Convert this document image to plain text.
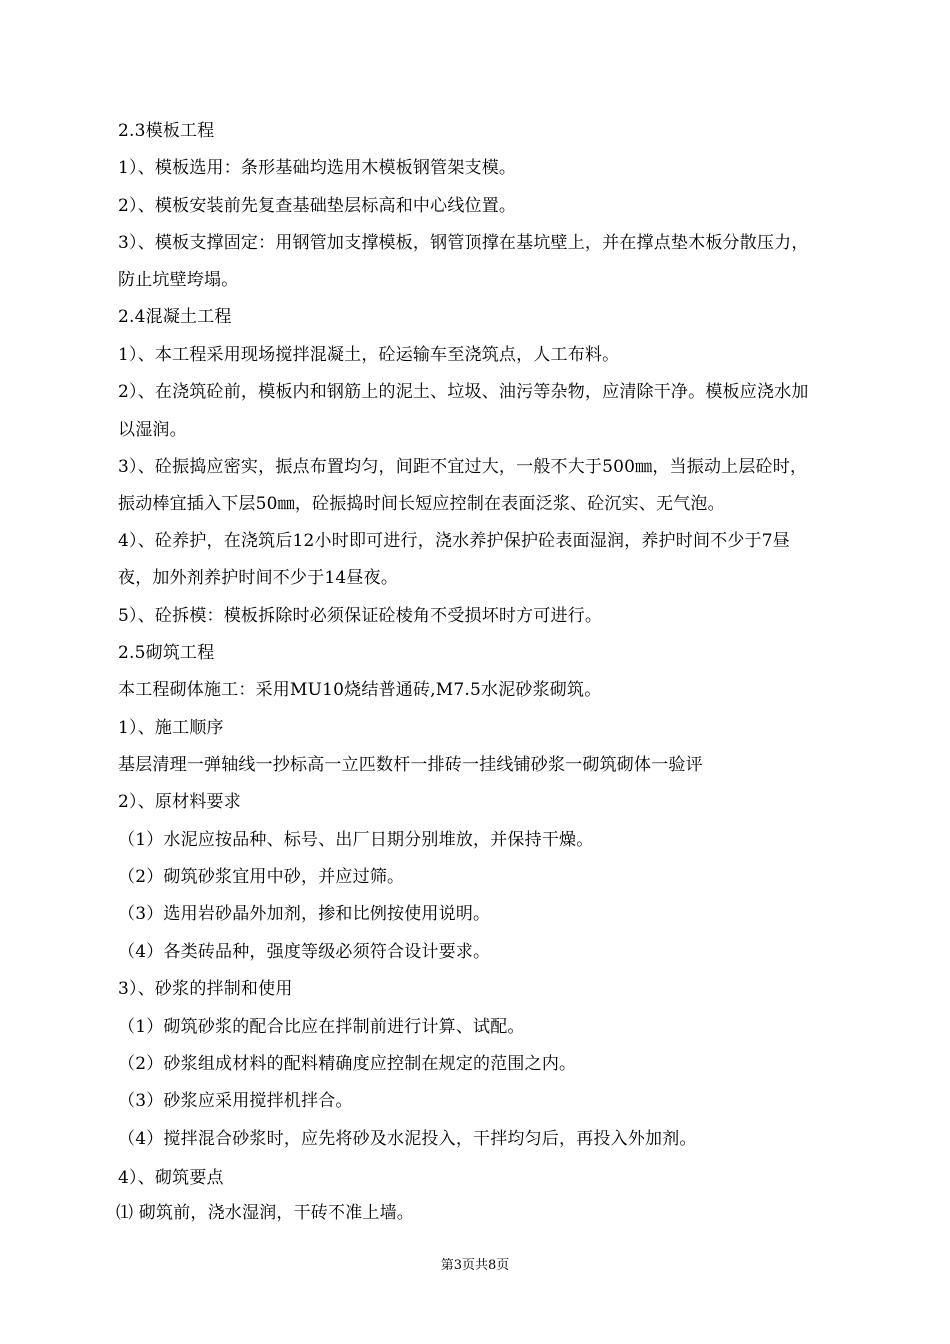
2.3模板工程
1）、模板选用：条形基础均选用木模板钢管架支模。
2）、模板安装前先复查基础垫层标高和中心线位置。
3）、模板支撑固定：用钢管加支撑模板，钢管顶撑在基坑壁上，并在撑点垫木板分散压力，
防止坑壁垮塌。
2.4混凝土工程
1）、本工程采用现场搅拌混凝土，砼运输车至浇筑点，人工布料。
2）、在浇筑砼前，模板内和钢筋上的泥土、垃圾、油污等杂物，应清除干净。模板应浇水加
以湿润。
3）、砼振捣应密实，振点布置均匀，间距不宜过大，一般不大于500㎜，当振动上层砼时，
振动棒宜插入下层50㎜，砼振捣时间长短应控制在表面泛浆、砼沉实、无气泡。
4）、砼养护，在浇筑后12小时即可进行，浇水养护保护砼表面湿润，养护时间不少于7昼
夜，加外剂养护时间不少于14昼夜。
5）、砼拆模：模板拆除时必须保证砼棱角不受损坏时方可进行。
2.5砌筑工程
本工程砌体施工：采用MU10烧结普通砖,M7.5水泥砂浆砌筑。
1）、施工顺序
基层清理一弹轴线一抄标高一立匹数杆一排砖一挂线铺砂浆一砌筑砌体一验评
2）、原材料要求
（1）水泥应按品种、标号、出厂日期分别堆放，并保持干燥。
（2）砌筑砂浆宜用中砂，并应过筛。
（3）选用岩砂晶外加剂，掺和比例按使用说明。
（4）各类砖品种，强度等级必须符合设计要求。
3）、砂浆的拌制和使用
（1）砌筑砂浆的配合比应在拌制前进行计算、试配。
（2）砂浆组成材料的配料精确度应控制在规定的范围之内。
（3）砂浆应采用搅拌机拌合。
（4）搅拌混合砂浆时，应先将砂及水泥投入，干拌均匀后，再投入外加剂。
4）、砌筑要点
⑴ 砌筑前，浇水湿润，干砖不准上墙。
第3页共8页
